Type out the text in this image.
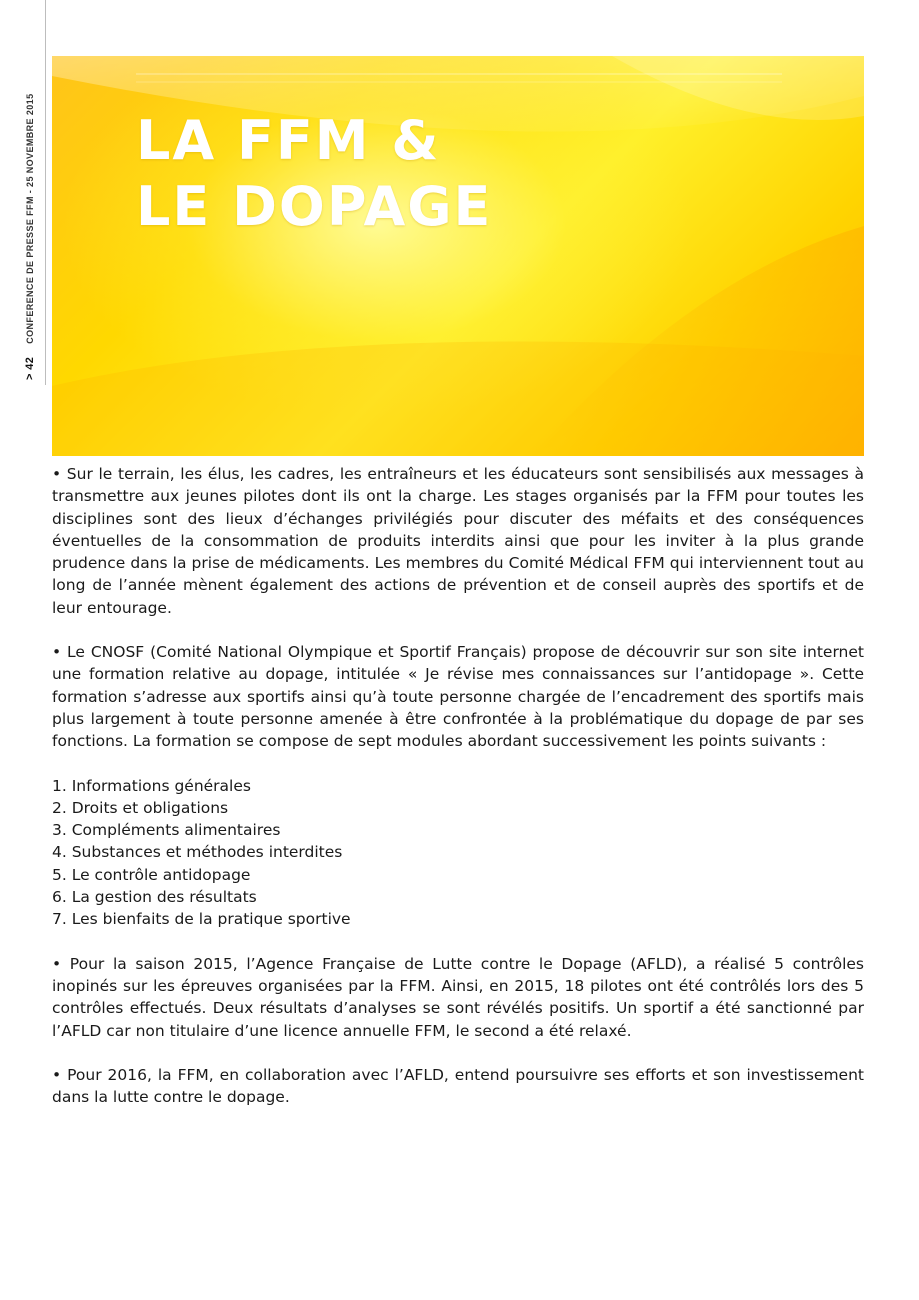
> 42 CONFERENCE DE PRESSE FFM - 25 NOVEMBRE 2015 LA FFM &
LE DOPAGE

• Sur le terrain, les élus, les cadres, les entraîneurs et les éducateurs sont sensibilisés aux messages à transmettre aux jeunes pilotes dont ils ont la charge. Les stages organisés par la FFM pour toutes les disciplines sont des lieux d’échanges privilégiés pour discuter des méfaits et des conséquences éventuelles de la consommation de produits interdits ainsi que pour les inviter à la plus grande prudence dans la prise de médicaments. Les membres du Comité Médical FFM qui interviennent tout au long de l’année mènent également des actions de prévention et de conseil auprès des sportifs et de leur entourage.

• Le CNOSF (Comité National Olympique et Sportif Français) propose de découvrir sur son site internet une formation relative au dopage, intitulée « Je révise mes connaissances sur l’antidopage ». Cette formation s’adresse aux sportifs ainsi qu’à toute personne chargée de l’encadrement des sportifs mais plus largement à toute personne amenée à être confrontée à la problématique du dopage de par ses fonctions. La formation se compose de sept modules abordant successivement les points suivants :

1. Informations générales
2. Droits et obligations
3. Compléments alimentaires
4. Substances et méthodes interdites
5. Le contrôle antidopage
6. La gestion des résultats
7. Les bienfaits de la pratique sportive

• Pour la saison 2015, l’Agence Française de Lutte contre le Dopage (AFLD), a réalisé 5 contrôles inopinés sur les épreuves organisées par la FFM. Ainsi, en 2015, 18 pilotes ont été contrôlés lors des 5 contrôles effectués. Deux résultats d’analyses se sont révélés positifs. Un sportif a été sanctionné par l’AFLD car non titulaire d’une licence annuelle FFM, le second a été relaxé.

• Pour 2016, la FFM, en collaboration avec l’AFLD, entend poursuivre ses efforts et son investissement dans la lutte contre le dopage.
